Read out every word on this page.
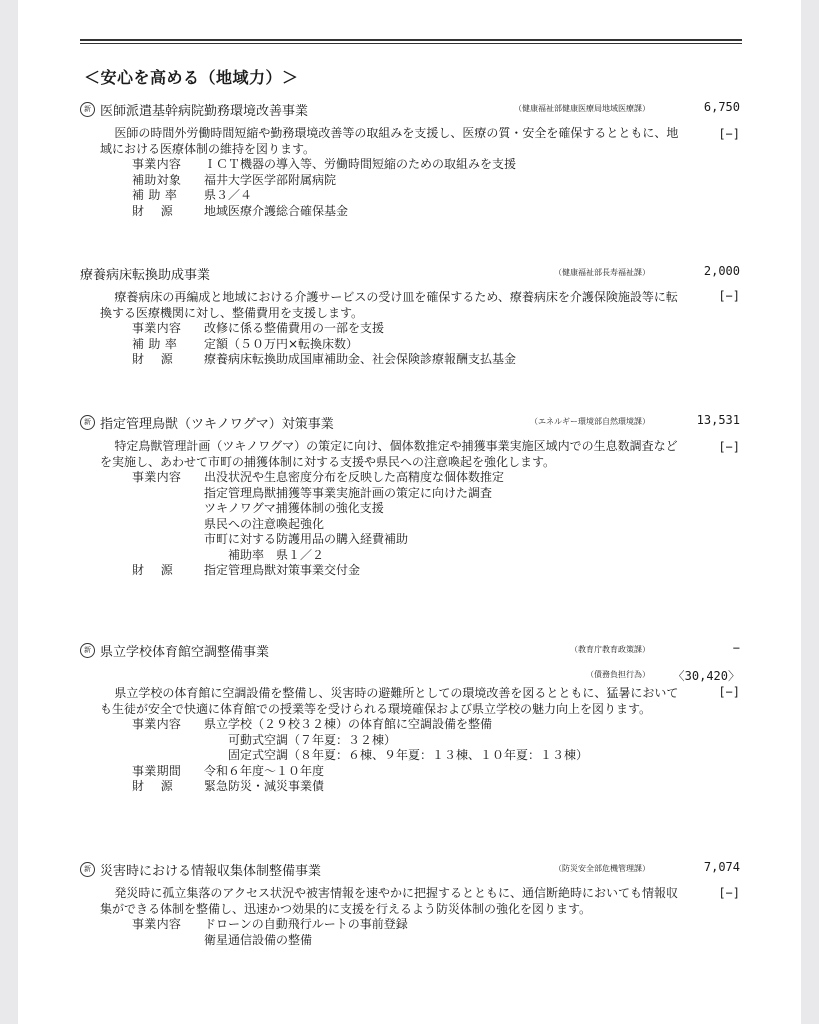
＜安心を高める（地域力）＞
新 医師派遣基幹病院勤務環境改善事業	（健康福祉部健康医療局地域医療課）	6,750
[−]
医師の時間外労働時間短縮や勤務環境改善等の取組みを支援し、医療の質・安全を確保するとともに、地域における医療体制の維持を図ります。
事業内容	ＩＣＴ機器の導入等、労働時間短縮のための取組みを支援
補助対象	福井大学医学部附属病院
補 助 率	県３／４
財　 源	地域医療介護総合確保基金
療養病床転換助成事業	（健康福祉部長寿福祉課）	2,000
[−]
療養病床の再編成と地域における介護サービスの受け皿を確保するため、療養病床を介護保険施設等に転換する医療機関に対し、整備費用を支援します。
事業内容	改修に係る整備費用の一部を支援
補 助 率	定額（５０万円×転換床数）
財　 源	療養病床転換助成国庫補助金、社会保険診療報酬支払基金
新 指定管理鳥獣（ツキノワグマ）対策事業	（エネルギー環境部自然環境課）	13,531
[−]
特定鳥獣管理計画（ツキノワグマ）の策定に向け、個体数推定や捕獲事業実施区域内での生息数調査などを実施し、あわせて市町の捕獲体制に対する支援や県民への注意喚起を強化します。
事業内容	出没状況や生息密度分布を反映した高精度な個体数推定
指定管理鳥獣捕獲等事業実施計画の策定に向けた調査
ツキノワグマ捕獲体制の強化支援
県民への注意喚起強化
市町に対する防護用品の購入経費補助
　　補助率　県１／２
財　 源	指定管理鳥獣対策事業交付金
新 県立学校体育館空調整備事業	（教育庁教育政策課）	−
（債務負担行為） 〈30,420〉
[−]
県立学校の体育館に空調設備を整備し、災害時の避難所としての環境改善を図るとともに、猛暑においても生徒が安全で快適に体育館での授業等を受けられる環境確保および県立学校の魅力向上を図ります。
事業内容	県立学校（２９校３２棟）の体育館に空調設備を整備
　　可動式空調（７年夏：３２棟）
　　固定式空調（８年夏：６棟、９年夏：１３棟、１０年夏：１３棟）
事業期間	令和６年度〜１０年度
財　 源	緊急防災・減災事業債
新 災害時における情報収集体制整備事業	（防災安全部危機管理課）	7,074
[−]
発災時に孤立集落のアクセス状況や被害情報を速やかに把握するとともに、通信断絶時においても情報収集ができる体制を整備し、迅速かつ効果的に支援を行えるよう防災体制の強化を図ります。
事業内容	ドローンの自動飛行ルートの事前登録
衛星通信設備の整備
